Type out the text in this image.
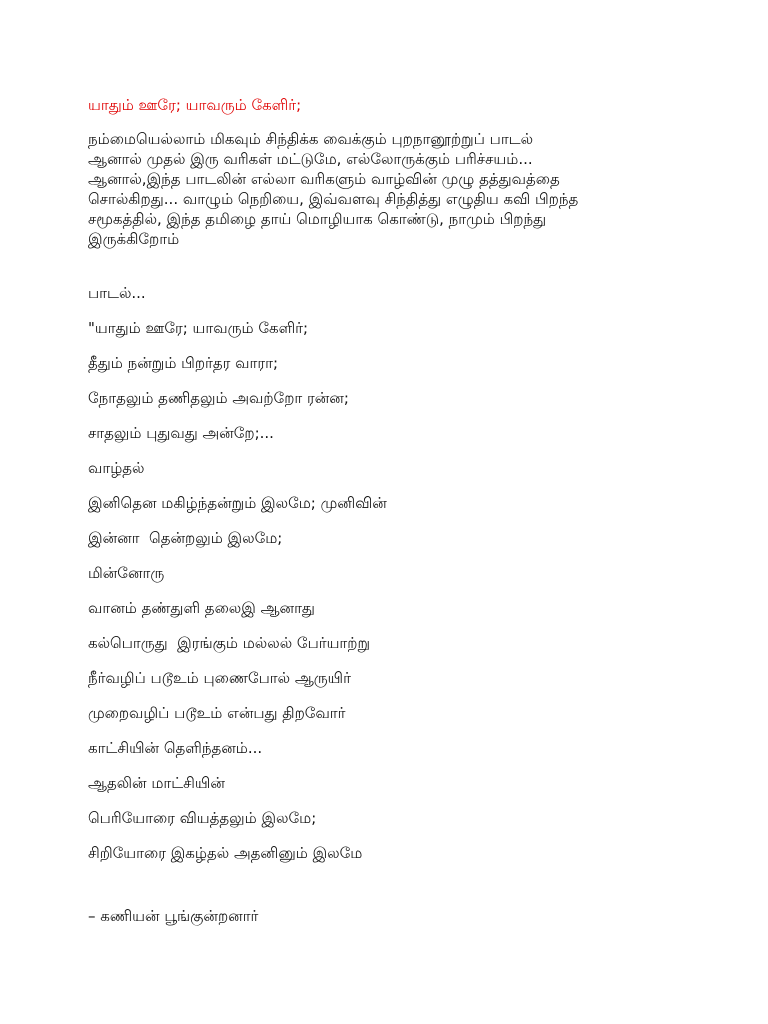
யாதும் ஊரே; யாவரும் கேளிர்;

நம்மையெல்லாம் மிகவும் சிந்திக்க வைக்கும் புறநானூற்றுப் பாடல்
ஆனால் முதல் இரு வரிகள் மட்டுமே, எல்லோருக்கும் பரிச்சயம்...
ஆனால்,இந்த பாடலின் எல்லா வரிகளும் வாழ்வின் முழு தத்துவத்தை
சொல்கிறது... வாழும் நெறியை, இவ்வளவு சிந்தித்து எழுதிய கவி பிறந்த
சமூகத்தில், இந்த தமிழை தாய் மொழியாக கொண்டு, நாமும் பிறந்து
இருக்கிறோம்

பாடல்...

"யாதும் ஊரே; யாவரும் கேளிர்;

தீதும் நன்றும் பிறர்தர வாரா;

நோதலும் தணிதலும் அவற்றோ ரன்ன;

சாதலும் புதுவது அன்றே;...

வாழ்தல்

இனிதென மகிழ்ந்தன்றும் இலமே; முனிவின்

இன்னா  தென்றலும் இலமே;

மின்னோரு

வானம் தண்துளி தலைஇ ஆனாது

கல்பொருது  இரங்கும் மல்லல் பேர்யாற்று

நீர்வழிப் படூஉம் புணைபோல் ஆருயிர்

முறைவழிப் படூஉம் என்பது திறவோர்

காட்சியின் தெளிந்தனம்...

ஆதலின் மாட்சியின்

பெரியோரை வியத்தலும் இலமே;

சிறியோரை இகழ்தல் அதனினும் இலமே

– கணியன் பூங்குன்றனார்
